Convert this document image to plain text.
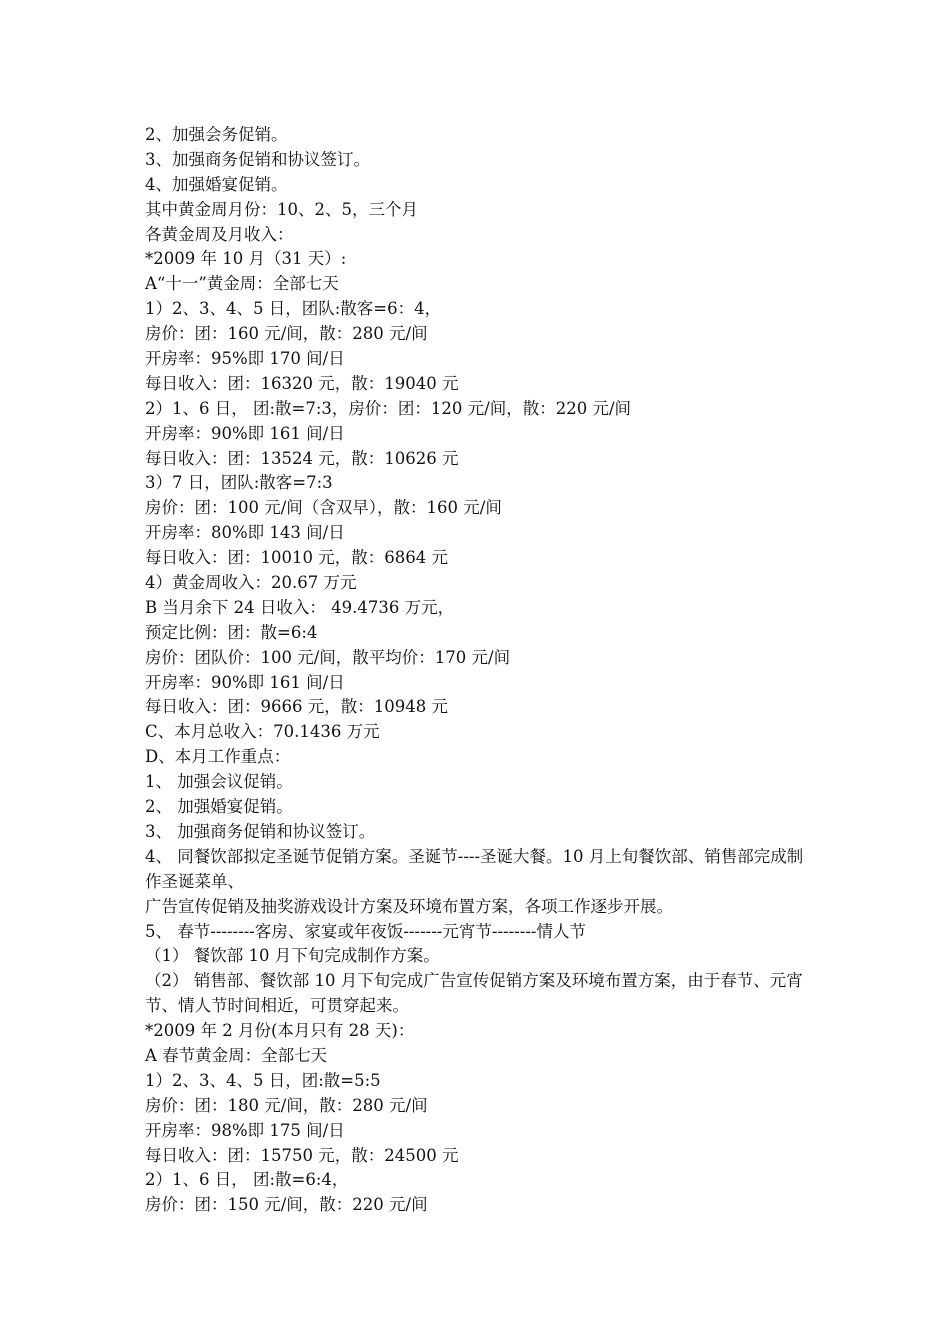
2、加强会务促销。
3、加强商务促销和协议签订。
4、加强婚宴促销。
其中黄金周月份：10、2、5，三个月
各黄金周及月收入：
*2009 年 10 月（31 天）:
A“十一”黄金周：全部七天
1）2、3、4、5 日，团队:散客=6：4，
房价：团：160 元/间，散：280 元/间
开房率：95%即 170 间/日
每日收入：团：16320 元，散：19040 元
2）1、6 日， 团:散=7:3，房价：团：120 元/间，散：220 元/间
开房率：90%即 161 间/日
每日收入：团：13524 元，散：10626 元
3）7 日，团队:散客=7:3
房价：团：100 元/间（含双早），散：160 元/间
开房率：80%即 143 间/日
每日收入：团：10010 元，散：6864 元
4）黄金周收入：20.67 万元
B 当月余下 24 日收入： 49.4736 万元，
预定比例：团：散=6:4
房价：团队价：100 元/间，散平均价：170 元/间
开房率：90%即 161 间/日
每日收入：团：9666 元，散：10948 元
C、本月总收入：70.1436 万元
D、本月工作重点：
1、 加强会议促销。
2、 加强婚宴促销。
3、 加强商务促销和协议签订。
4、 同餐饮部拟定圣诞节促销方案。圣诞节----圣诞大餐。10 月上旬餐饮部、销售部完成制作圣诞菜单、
广告宣传促销及抽奖游戏设计方案及环境布置方案，各项工作逐步开展。
5、 春节--------客房、家宴或年夜饭-------元宵节--------情人节
（1） 餐饮部 10 月下旬完成制作方案。
（2） 销售部、餐饮部 10 月下旬完成广告宣传促销方案及环境布置方案，由于春节、元宵节、情人节时间相近，可贯穿起来。
*2009 年 2 月份(本月只有 28 天)：
A 春节黄金周：全部七天
1）2、3、4、5 日，团:散=5:5
房价：团：180 元/间，散：280 元/间
开房率：98%即 175 间/日
每日收入：团：15750 元，散：24500 元
2）1、6 日， 团:散=6:4，
房价：团：150 元/间，散：220 元/间
